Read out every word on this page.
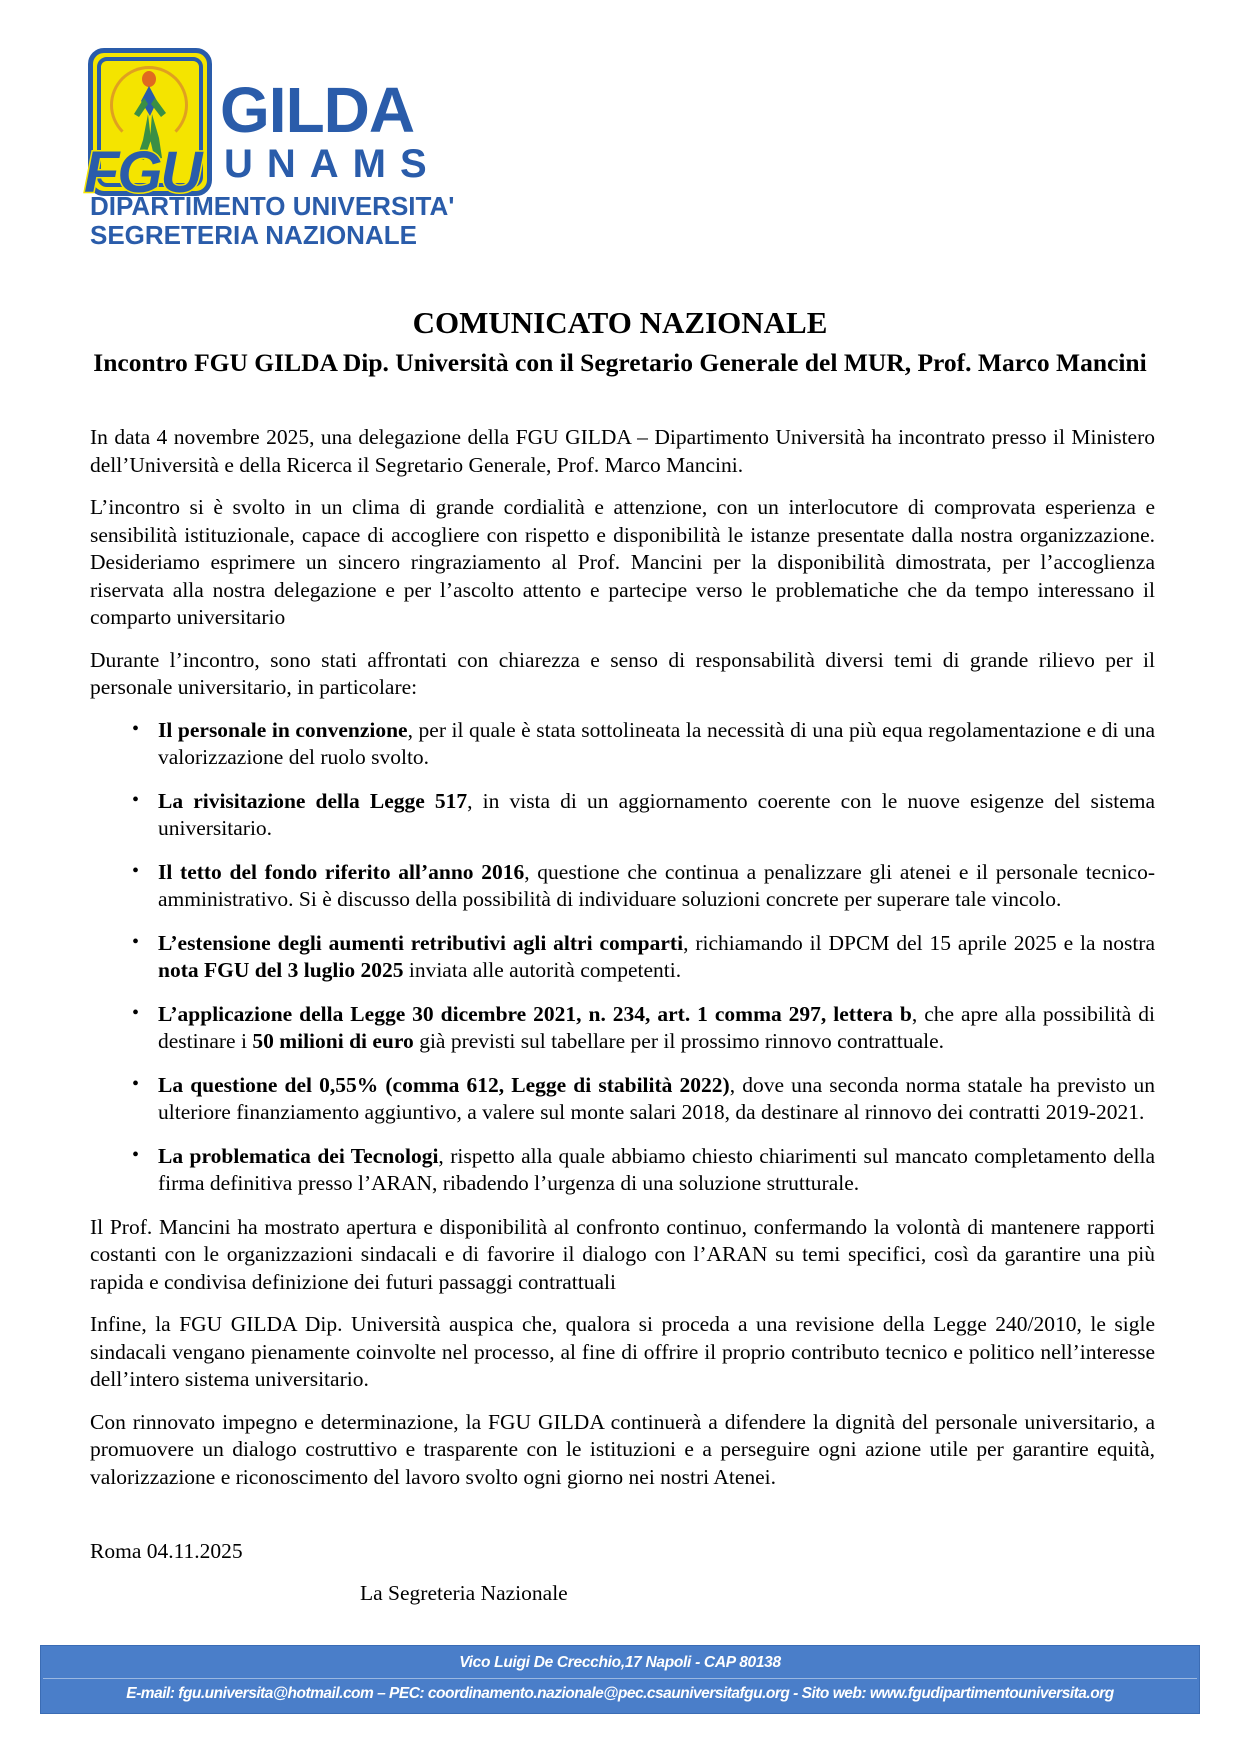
FGU
GILDA
UNAMS
DIPARTIMENTO UNIVERSITA'
SEGRETERIA NAZIONALE
COMUNICATO NAZIONALE
Incontro FGU GILDA Dip. Università con il Segretario Generale del MUR, Prof. Marco Mancini

In data 4 novembre 2025, una delegazione della FGU GILDA – Dipartimento Università ha incontrato presso il Ministero dell’Università e della Ricerca il Segretario Generale, Prof. Marco Mancini.

L’incontro si è svolto in un clima di grande cordialità e attenzione, con un interlocutore di comprovata esperienza e sensibilità istituzionale, capace di accogliere con rispetto e disponibilità le istanze presentate dalla nostra organizzazione. Desideriamo esprimere un sincero ringraziamento al Prof. Mancini per la disponibilità dimostrata, per l’accoglienza riservata alla nostra delegazione e per l’ascolto attento e partecipe verso le problematiche che da tempo interessano il comparto universitario

Durante l’incontro, sono stati affrontati con chiarezza e senso di responsabilità diversi temi di grande rilievo per il personale universitario, in particolare:

• Il personale in convenzione, per il quale è stata sottolineata la necessità di una più equa regolamentazione e di una valorizzazione del ruolo svolto.
• La rivisitazione della Legge 517, in vista di un aggiornamento coerente con le nuove esigenze del sistema universitario.
• Il tetto del fondo riferito all’anno 2016, questione che continua a penalizzare gli atenei e il personale tecnico-amministrativo. Si è discusso della possibilità di individuare soluzioni concrete per superare tale vincolo.
• L’estensione degli aumenti retributivi agli altri comparti, richiamando il DPCM del 15 aprile 2025 e la nostra nota FGU del 3 luglio 2025 inviata alle autorità competenti.
• L’applicazione della Legge 30 dicembre 2021, n. 234, art. 1 comma 297, lettera b, che apre alla possibilità di destinare i 50 milioni di euro già previsti sul tabellare per il prossimo rinnovo contrattuale.
• La questione del 0,55% (comma 612, Legge di stabilità 2022), dove una seconda norma statale ha previsto un ulteriore finanziamento aggiuntivo, a valere sul monte salari 2018, da destinare al rinnovo dei contratti 2019-2021.
• La problematica dei Tecnologi, rispetto alla quale abbiamo chiesto chiarimenti sul mancato completamento della firma definitiva presso l’ARAN, ribadendo l’urgenza di una soluzione strutturale.

Il Prof. Mancini ha mostrato apertura e disponibilità al confronto continuo, confermando la volontà di mantenere rapporti costanti con le organizzazioni sindacali e di favorire il dialogo con l’ARAN su temi specifici, così da garantire una più rapida e condivisa definizione dei futuri passaggi contrattuali

Infine, la FGU GILDA Dip. Università auspica che, qualora si proceda a una revisione della Legge 240/2010, le sigle sindacali vengano pienamente coinvolte nel processo, al fine di offrire il proprio contributo tecnico e politico nell’interesse dell’intero sistema universitario.

Con rinnovato impegno e determinazione, la FGU GILDA continuerà a difendere la dignità del personale universitario, a promuovere un dialogo costruttivo e trasparente con le istituzioni e a perseguire ogni azione utile per garantire equità, valorizzazione e riconoscimento del lavoro svolto ogni giorno nei nostri Atenei.

Roma 04.11.2025
La Segreteria Nazionale
Vico Luigi De Crecchio,17 Napoli - CAP 80138
E-mail: fgu.universita@hotmail.com – PEC: coordinamento.nazionale@pec.csauniversitafgu.org - Sito web: www.fgudipartimentouniversita.org
